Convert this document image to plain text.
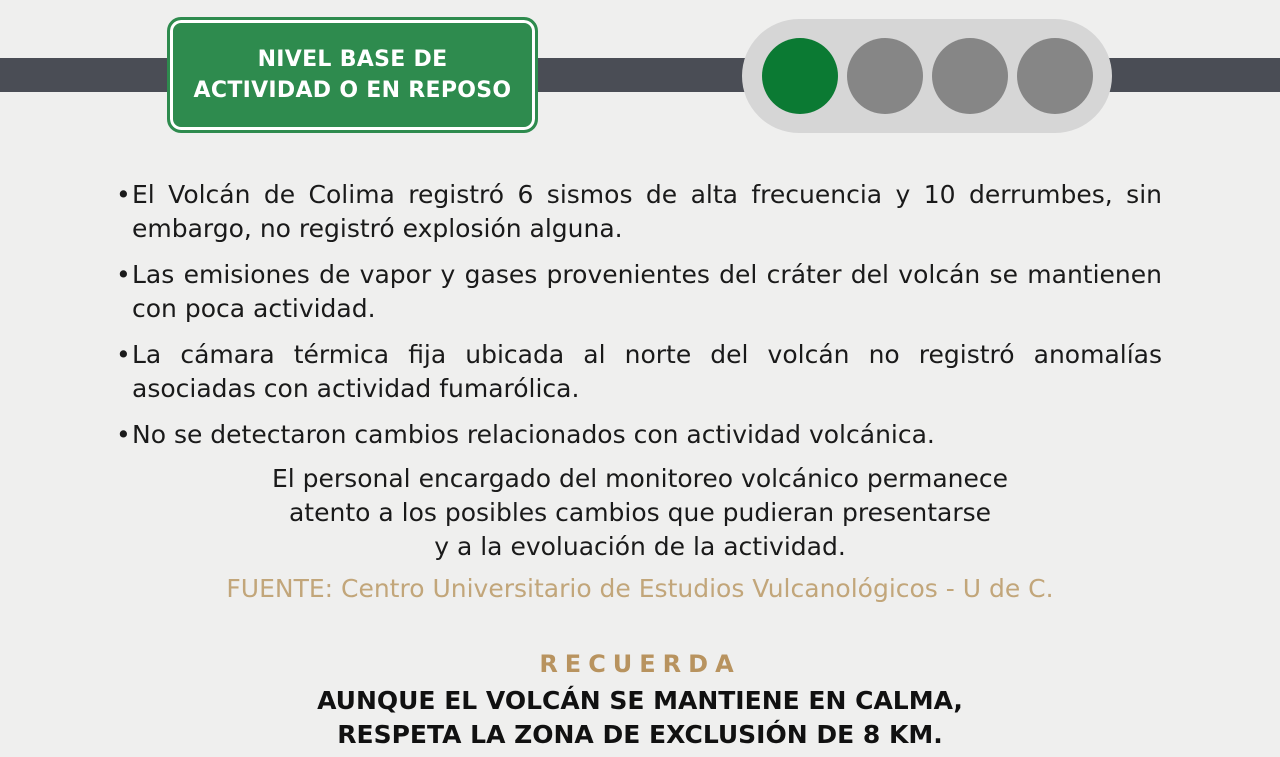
NIVEL BASE DE
ACTIVIDAD O EN REPOSO
• El Volcán de Colima registró 6 sismos de alta frecuencia y 10 derrumbes, sin embargo, no registró explosión alguna.
• Las emisiones de vapor y gases provenientes del cráter del volcán se mantienen con poca actividad.
• La cámara térmica fija ubicada al norte del volcán no registró anomalías asociadas con actividad fumarólica.
• No se detectaron cambios relacionados con actividad volcánica.
El personal encargado del monitoreo volcánico permanece
atento a los posibles cambios que pudieran presentarse
y a la evoluación de la actividad.
FUENTE: Centro Universitario de Estudios Vulcanológicos - U de C.
RECUERDA
AUNQUE EL VOLCÁN SE MANTIENE EN CALMA,
RESPETA LA ZONA DE EXCLUSIÓN DE 8 KM.
